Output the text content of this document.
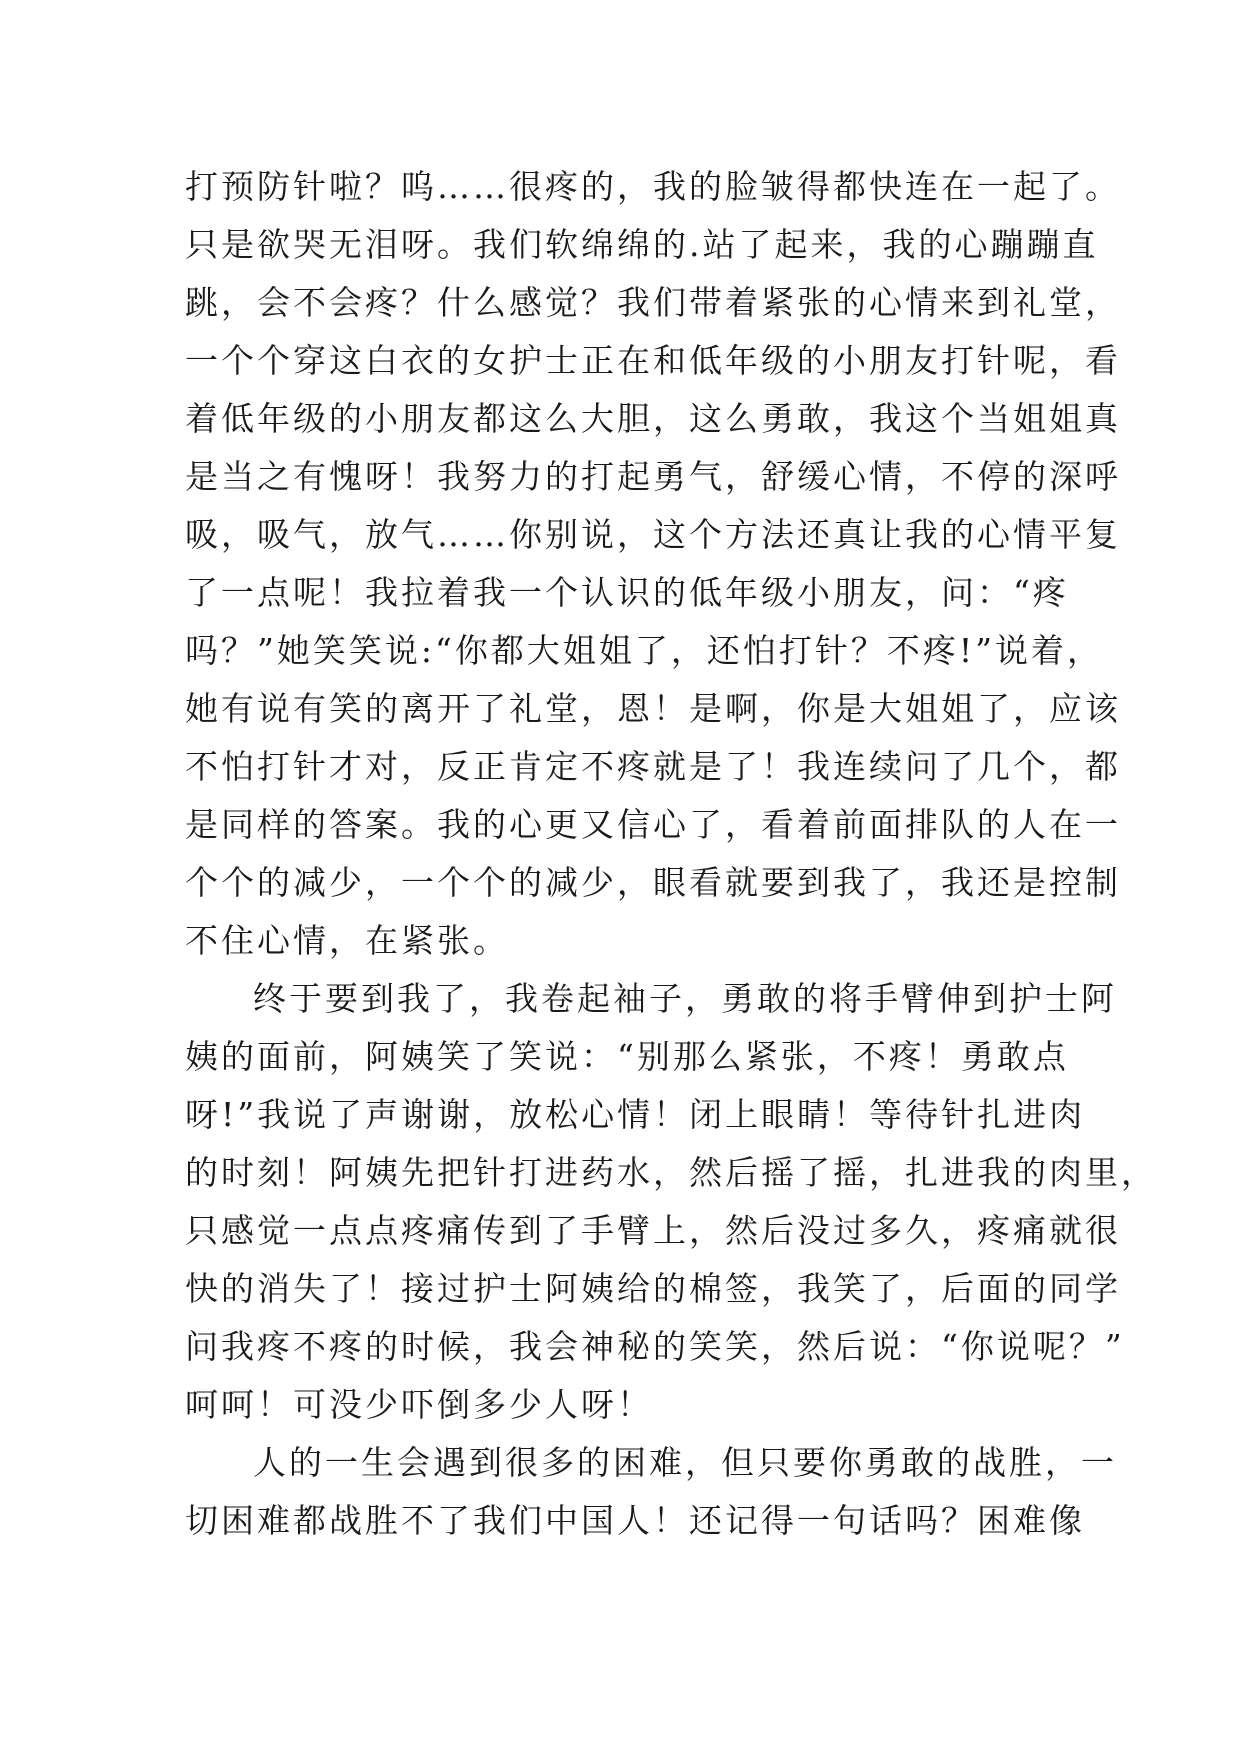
打预防针啦？呜……很疼的，我的脸皱得都快连在一起了。
只是欲哭无泪呀。我们软绵绵的.站了起来，我的心蹦蹦直
跳，会不会疼？什么感觉？我们带着紧张的心情来到礼堂，
一个个穿这白衣的女护士正在和低年级的小朋友打针呢，看
着低年级的小朋友都这么大胆，这么勇敢，我这个当姐姐真
是当之有愧呀！我努力的打起勇气，舒缓心情，不停的深呼
吸，吸气，放气……你别说，这个方法还真让我的心情平复
了一点呢！我拉着我一个认识的低年级小朋友，问：“疼
吗？”她笑笑说:“你都大姐姐了，还怕打针？不疼!”说着，
她有说有笑的离开了礼堂，恩！是啊，你是大姐姐了，应该
不怕打针才对，反正肯定不疼就是了！我连续问了几个，都
是同样的答案。我的心更又信心了，看着前面排队的人在一
个个的减少，一个个的减少，眼看就要到我了，我还是控制
不住心情，在紧张。
终于要到我了，我卷起袖子，勇敢的将手臂伸到护士阿
姨的面前，阿姨笑了笑说：“别那么紧张，不疼！勇敢点
呀!”我说了声谢谢，放松心情！闭上眼睛！等待针扎进肉
的时刻！阿姨先把针打进药水，然后摇了摇，扎进我的肉里，
只感觉一点点疼痛传到了手臂上，然后没过多久，疼痛就很
快的消失了！接过护士阿姨给的棉签，我笑了，后面的同学
问我疼不疼的时候，我会神秘的笑笑，然后说：“你说呢？”
呵呵！可没少吓倒多少人呀！
人的一生会遇到很多的困难，但只要你勇敢的战胜，一
切困难都战胜不了我们中国人！还记得一句话吗？困难像
